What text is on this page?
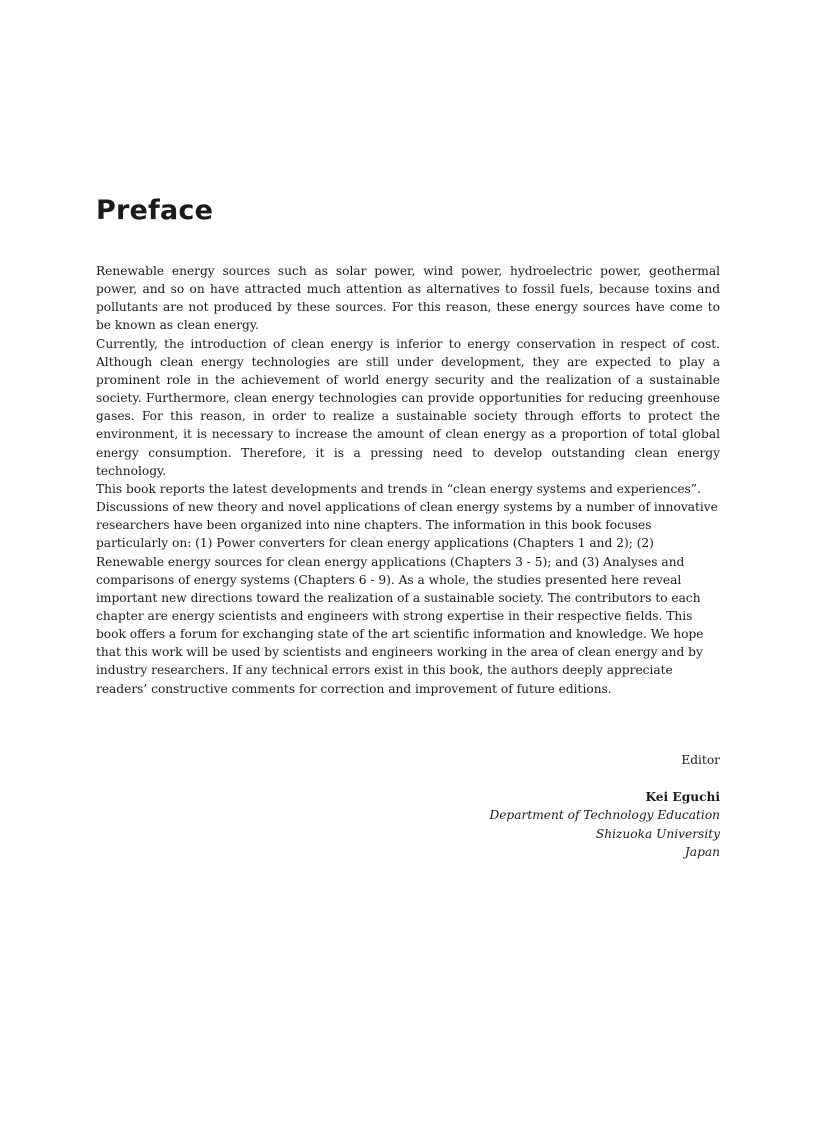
Preface

Renewable energy sources such as solar power, wind power, hydroelectric power, geothermal power, and so on have attracted much attention as alternatives to fossil fuels, because toxins and pollutants are not produced by these sources. For this reason, these energy sources have come to be known as clean energy.

Currently, the introduction of clean energy is inferior to energy conservation in respect of cost. Although clean energy technologies are still under development, they are expected to play a prominent role in the achievement of world energy security and the realization of a sustainable society. Furthermore, clean energy technologies can provide opportunities for reducing greenhouse gases. For this reason, in order to realize a sustainable society through efforts to protect the environment, it is necessary to increase the amount of clean energy as a proportion of total global energy consumption. Therefore, it is a pressing need to develop outstanding clean energy technology.

This book reports the latest developments and trends in “clean energy systems and experiences”. Discussions of new theory and novel applications of clean energy systems by a number of innovative researchers have been organized into nine chapters. The information in this book focuses particularly on: (1) Power converters for clean energy applications (Chapters 1 and 2); (2) Renewable energy sources for clean energy applications (Chapters 3 - 5); and (3) Analyses and comparisons of energy systems (Chapters 6 - 9). As a whole, the studies presented here reveal important new directions toward the realization of a sustainable society. The contributors to each chapter are energy scientists and engineers with strong expertise in their respective fields. This book offers a forum for exchanging state of the art scientific information and knowledge. We hope that this work will be used by scientists and engineers working in the area of clean energy and by industry researchers. If any technical errors exist in this book, the authors deeply appreciate readers’ constructive comments for correction and improvement of future editions.

Editor
Kei Eguchi
Department of Technology Education
Shizuoka University
Japan
